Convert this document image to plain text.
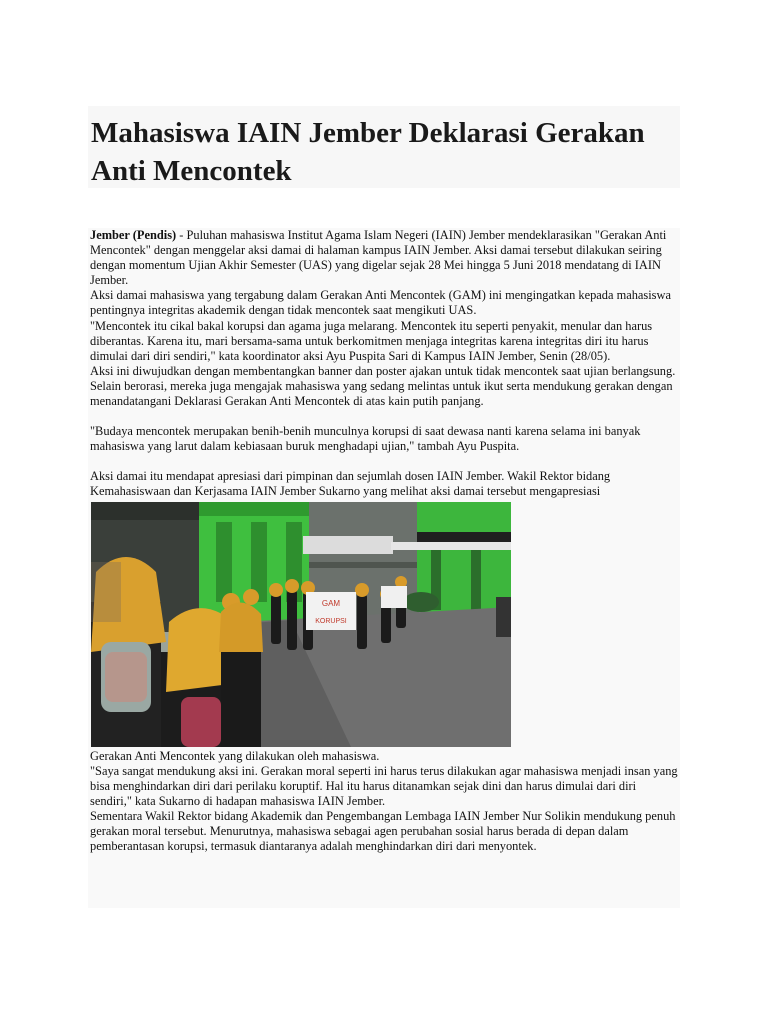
Mahasiswa IAIN Jember Deklarasi Gerakan Anti Mencontek

Jember (Pendis) - Puluhan mahasiswa Institut Agama Islam Negeri (IAIN) Jember mendeklarasikan "Gerakan Anti Mencontek" dengan menggelar aksi damai di halaman kampus IAIN Jember. Aksi damai tersebut dilakukan seiring dengan momentum Ujian Akhir Semester (UAS) yang digelar sejak 28 Mei hingga 5 Juni 2018 mendatang di IAIN Jember.

Aksi damai mahasiswa yang tergabung dalam Gerakan Anti Mencontek (GAM) ini mengingatkan kepada mahasiswa pentingnya integritas akademik dengan tidak mencontek saat mengikuti UAS.

"Mencontek itu cikal bakal korupsi dan agama juga melarang. Mencontek itu seperti penyakit, menular dan harus diberantas. Karena itu, mari bersama-sama untuk berkomitmen menjaga integritas karena integritas diri itu harus dimulai dari diri sendiri," kata koordinator aksi Ayu Puspita Sari di Kampus IAIN Jember, Senin (28/05).

Aksi ini diwujudkan dengan membentangkan banner dan poster ajakan untuk tidak mencontek saat ujian berlangsung. Selain berorasi, mereka juga mengajak mahasiswa yang sedang melintas untuk ikut serta mendukung gerakan dengan menandatangani Deklarasi Gerakan Anti Mencontek di atas kain putih panjang.

"Budaya mencontek merupakan benih-benih munculnya korupsi di saat dewasa nanti karena selama ini banyak mahasiswa yang larut dalam kebiasaan buruk menghadapi ujian," tambah Ayu Puspita.

Aksi damai itu mendapat apresiasi dari pimpinan dan sejumlah dosen IAIN Jember. Wakil Rektor bidang Kemahasiswaan dan Kerjasama IAIN Jember Sukarno yang melihat aksi damai tersebut mengapresiasi

GAM
KORUPSI

Gerakan Anti Mencontek yang dilakukan oleh mahasiswa.

"Saya sangat mendukung aksi ini. Gerakan moral seperti ini harus terus dilakukan agar mahasiswa menjadi insan yang bisa menghindarkan diri dari perilaku koruptif. Hal itu harus ditanamkan sejak dini dan harus dimulai dari diri sendiri," kata Sukarno di hadapan mahasiswa IAIN Jember.

Sementara Wakil Rektor bidang Akademik dan Pengembangan Lembaga IAIN Jember Nur Solikin mendukung penuh gerakan moral tersebut. Menurutnya, mahasiswa sebagai agen perubahan sosial harus berada di depan dalam pemberantasan korupsi, termasuk diantaranya adalah menghindarkan diri dari menyontek.
